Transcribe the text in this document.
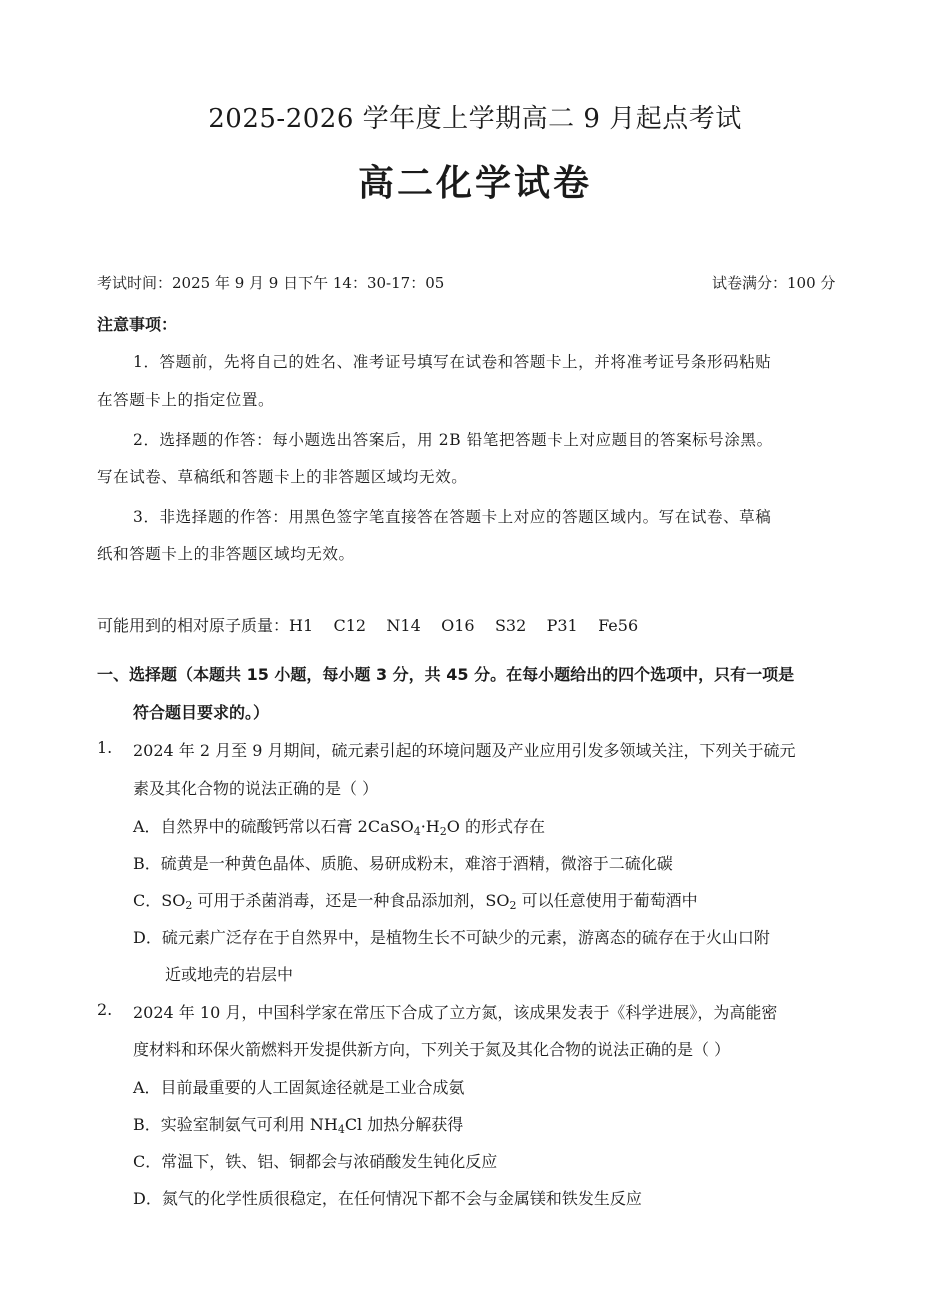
2025-2026 学年度上学期高二 9 月起点考试
高二化学试卷
考试时间：2025 年 9 月 9 日下午 14：30-17：05	试卷满分：100 分
注意事项：
1．答题前，先将自己的姓名、准考证号填写在试卷和答题卡上，并将准考证号条形码粘贴
在答题卡上的指定位置。
2．选择题的作答：每小题选出答案后，用 2B 铅笔把答题卡上对应题目的答案标号涂黑。
写在试卷、草稿纸和答题卡上的非答题区域均无效。
3．非选择题的作答：用黑色签字笔直接答在答题卡上对应的答题区域内。写在试卷、草稿
纸和答题卡上的非答题区域均无效。
可能用到的相对原子质量：H1    C12    N14    O16    S32    P31    Fe56
一、选择题（本题共 15 小题，每小题 3 分，共 45 分。在每小题给出的四个选项中，只有一项是
符合题目要求的。）
1. 2024 年 2 月至 9 月期间，硫元素引起的环境问题及产业应用引发多领域关注，下列关于硫元
素及其化合物的说法正确的是（ ）
A．自然界中的硫酸钙常以石膏 $2CaSO_4\cdot H_2O$ 的形式存在
B．硫黄是一种黄色晶体、质脆、易研成粉末，难溶于酒精，微溶于二硫化碳
C．$SO_2$ 可用于杀菌消毒，还是一种食品添加剂，$SO_2$ 可以任意使用于葡萄酒中
D．硫元素广泛存在于自然界中，是植物生长不可缺少的元素，游离态的硫存在于火山口附
近或地壳的岩层中
2. 2024 年 10 月，中国科学家在常压下合成了立方氮，该成果发表于《科学进展》，为高能密
度材料和环保火箭燃料开发提供新方向，下列关于氮及其化合物的说法正确的是（ ）
A．目前最重要的人工固氮途径就是工业合成氨
B．实验室制氨气可利用 $NH_4Cl$ 加热分解获得
C．常温下，铁、铝、铜都会与浓硝酸发生钝化反应
D．氮气的化学性质很稳定，在任何情况下都不会与金属镁和铁发生反应
